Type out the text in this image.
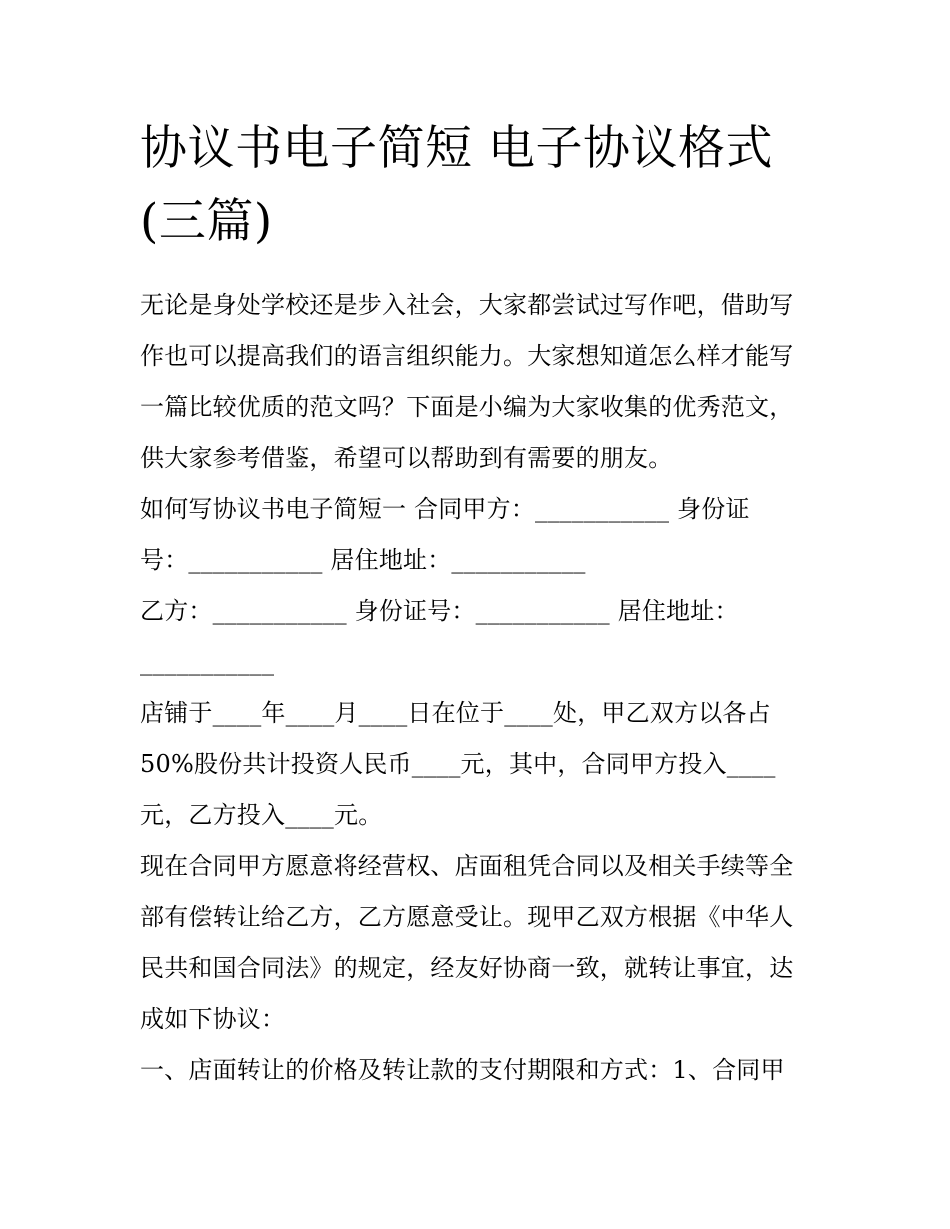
协议书电子简短 电子协议格式
(三篇)
无论是身处学校还是步入社会，大家都尝试过写作吧，借助写
作也可以提高我们的语言组织能力。大家想知道怎么样才能写
一篇比较优质的范文吗？下面是小编为大家收集的优秀范文，
供大家参考借鉴，希望可以帮助到有需要的朋友。
如何写协议书电子简短一 合同甲方：___________ 身份证
号：___________ 居住地址：___________
乙方：___________ 身份证号：___________ 居住地址：
___________
店铺于____年____月____日在位于____处，甲乙双方以各占
50%股份共计投资人民币____元，其中，合同甲方投入____
元，乙方投入____元。
现在合同甲方愿意将经营权、店面租凭合同以及相关手续等全
部有偿转让给乙方，乙方愿意受让。现甲乙双方根据《中华人
民共和国合同法》的规定，经友好协商一致，就转让事宜，达
成如下协议：
一、店面转让的价格及转让款的支付期限和方式：1、合同甲
